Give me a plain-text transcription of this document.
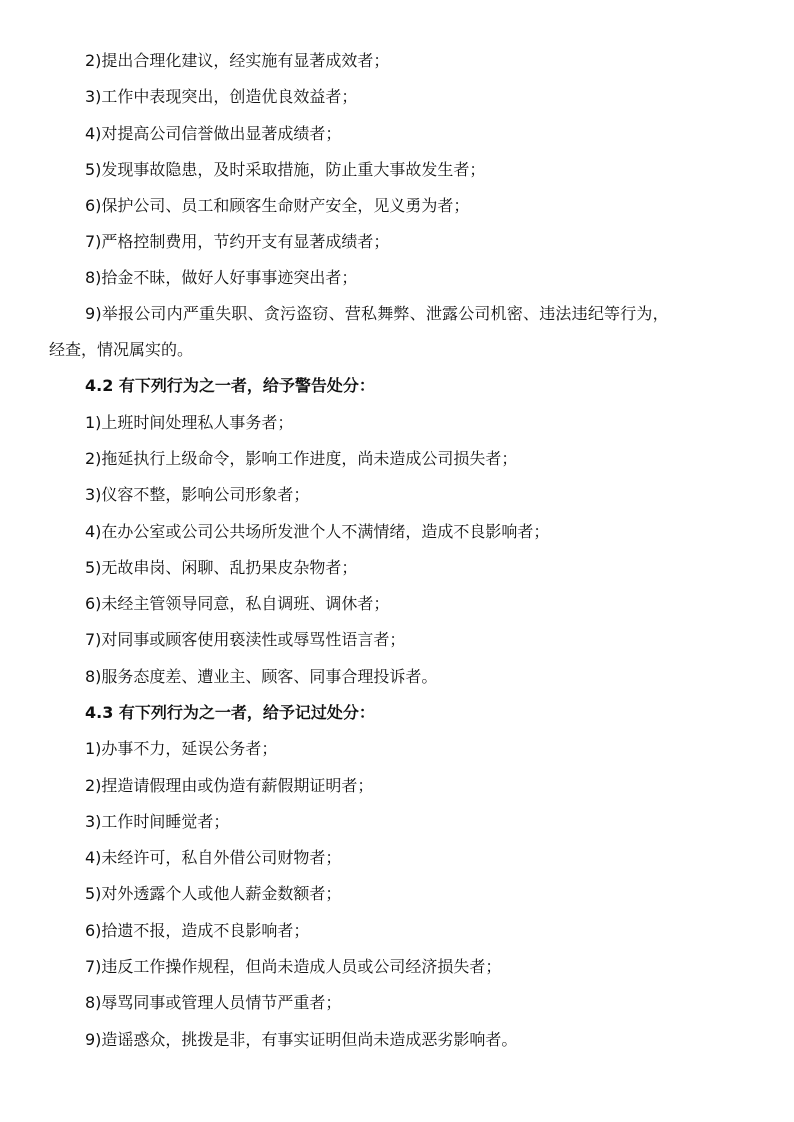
2)提出合理化建议，经实施有显著成效者；
3)工作中表现突出，创造优良效益者；
4)对提高公司信誉做出显著成绩者；
5)发现事故隐患，及时采取措施，防止重大事故发生者；
6)保护公司、员工和顾客生命财产安全，见义勇为者；
7)严格控制费用，节约开支有显著成绩者；
8)拾金不昧，做好人好事事迹突出者；
9)举报公司内严重失职、贪污盗窃、营私舞弊、泄露公司机密、违法违纪等行为，
经查，情况属实的。
4.2 有下列行为之一者，给予警告处分：
1)上班时间处理私人事务者；
2)拖延执行上级命令，影响工作进度，尚未造成公司损失者；
3)仪容不整，影响公司形象者；
4)在办公室或公司公共场所发泄个人不满情绪，造成不良影响者；
5)无故串岗、闲聊、乱扔果皮杂物者；
6)未经主管领导同意，私自调班、调休者；
7)对同事或顾客使用亵渎性或辱骂性语言者；
8)服务态度差、遭业主、顾客、同事合理投诉者。
4.3 有下列行为之一者，给予记过处分：
1)办事不力，延误公务者；
2)捏造请假理由或伪造有薪假期证明者；
3)工作时间睡觉者；
4)未经许可，私自外借公司财物者；
5)对外透露个人或他人薪金数额者；
6)拾遗不报，造成不良影响者；
7)违反工作操作规程，但尚未造成人员或公司经济损失者；
8)辱骂同事或管理人员情节严重者；
9)造谣惑众，挑拨是非，有事实证明但尚未造成恶劣影响者。
